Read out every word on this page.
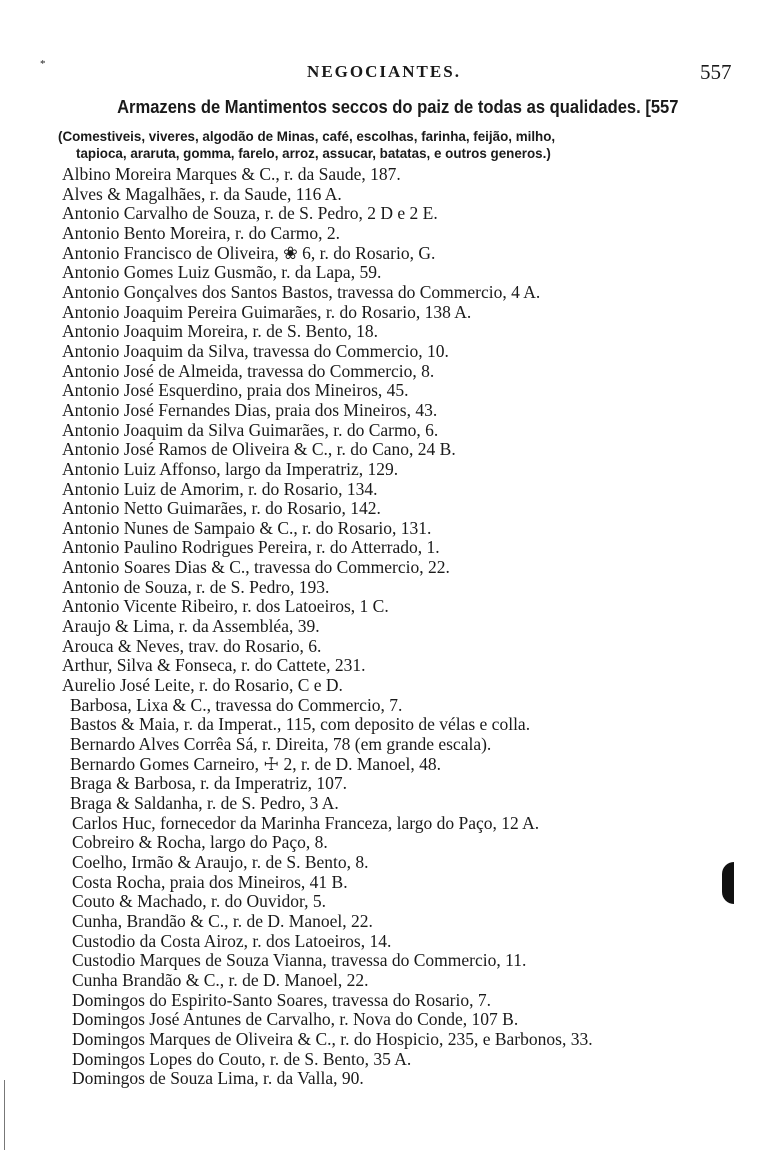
*	NEGOCIANTES.	557
Armazens de Mantimentos seccos do paiz de todas as qualidades. [557
(Comestiveis, viveres, algodão de Minas, café, escolhas, farinha, feijão, milho,
tapioca, araruta, gomma, farelo, arroz, assucar, batatas, e outros generos.)
Albino Moreira Marques & C., r. da Saude, 187.
Alves & Magalhães, r. da Saude, 116 A.
Antonio Carvalho de Souza, r. de S. Pedro, 2 D e 2 E.
Antonio Bento Moreira, r. do Carmo, 2.
Antonio Francisco de Oliveira, ❀ 6, r. do Rosario, G.
Antonio Gomes Luiz Gusmão, r. da Lapa, 59.
Antonio Gonçalves dos Santos Bastos, travessa do Commercio, 4 A.
Antonio Joaquim Pereira Guimarães, r. do Rosario, 138 A.
Antonio Joaquim Moreira, r. de S. Bento, 18.
Antonio Joaquim da Silva, travessa do Commercio, 10.
Antonio José de Almeida, travessa do Commercio, 8.
Antonio José Esquerdino, praia dos Mineiros, 45.
Antonio José Fernandes Dias, praia dos Mineiros, 43.
Antonio Joaquim da Silva Guimarães, r. do Carmo, 6.
Antonio José Ramos de Oliveira & C., r. do Cano, 24 B.
Antonio Luiz Affonso, largo da Imperatriz, 129.
Antonio Luiz de Amorim, r. do Rosario, 134.
Antonio Netto Guimarães, r. do Rosario, 142.
Antonio Nunes de Sampaio & C., r. do Rosario, 131.
Antonio Paulino Rodrigues Pereira, r. do Atterrado, 1.
Antonio Soares Dias & C., travessa do Commercio, 22.
Antonio de Souza, r. de S. Pedro, 193.
Antonio Vicente Ribeiro, r. dos Latoeiros, 1 C.
Araujo & Lima, r. da Assembléa, 39.
Arouca & Neves, trav. do Rosario, 6.
Arthur, Silva & Fonseca, r. do Cattete, 231.
Aurelio José Leite, r. do Rosario, C e D.
Barbosa, Lixa & C., travessa do Commercio, 7.
Bastos & Maia, r. da Imperat., 115, com deposito de vélas e colla.
Bernardo Alves Corrêa Sá, r. Direita, 78 (em grande escala).
Bernardo Gomes Carneiro, ☩ 2, r. de D. Manoel, 48.
Braga & Barbosa, r. da Imperatriz, 107.
Braga & Saldanha, r. de S. Pedro, 3 A.
Carlos Huc, fornecedor da Marinha Franceza, largo do Paço, 12 A.
Cobreiro & Rocha, largo do Paço, 8.
Coelho, Irmão & Araujo, r. de S. Bento, 8.
Costa Rocha, praia dos Mineiros, 41 B.
Couto & Machado, r. do Ouvidor, 5.
Cunha, Brandão & C., r. de D. Manoel, 22.
Custodio da Costa Airoz, r. dos Latoeiros, 14.
Custodio Marques de Souza Vianna, travessa do Commercio, 11.
Cunha Brandão & C., r. de D. Manoel, 22.
Domingos do Espirito-Santo Soares, travessa do Rosario, 7.
Domingos José Antunes de Carvalho, r. Nova do Conde, 107 B.
Domingos Marques de Oliveira & C., r. do Hospicio, 235, e Barbonos, 33.
Domingos Lopes do Couto, r. de S. Bento, 35 A.
Domingos de Souza Lima, r. da Valla, 90.
